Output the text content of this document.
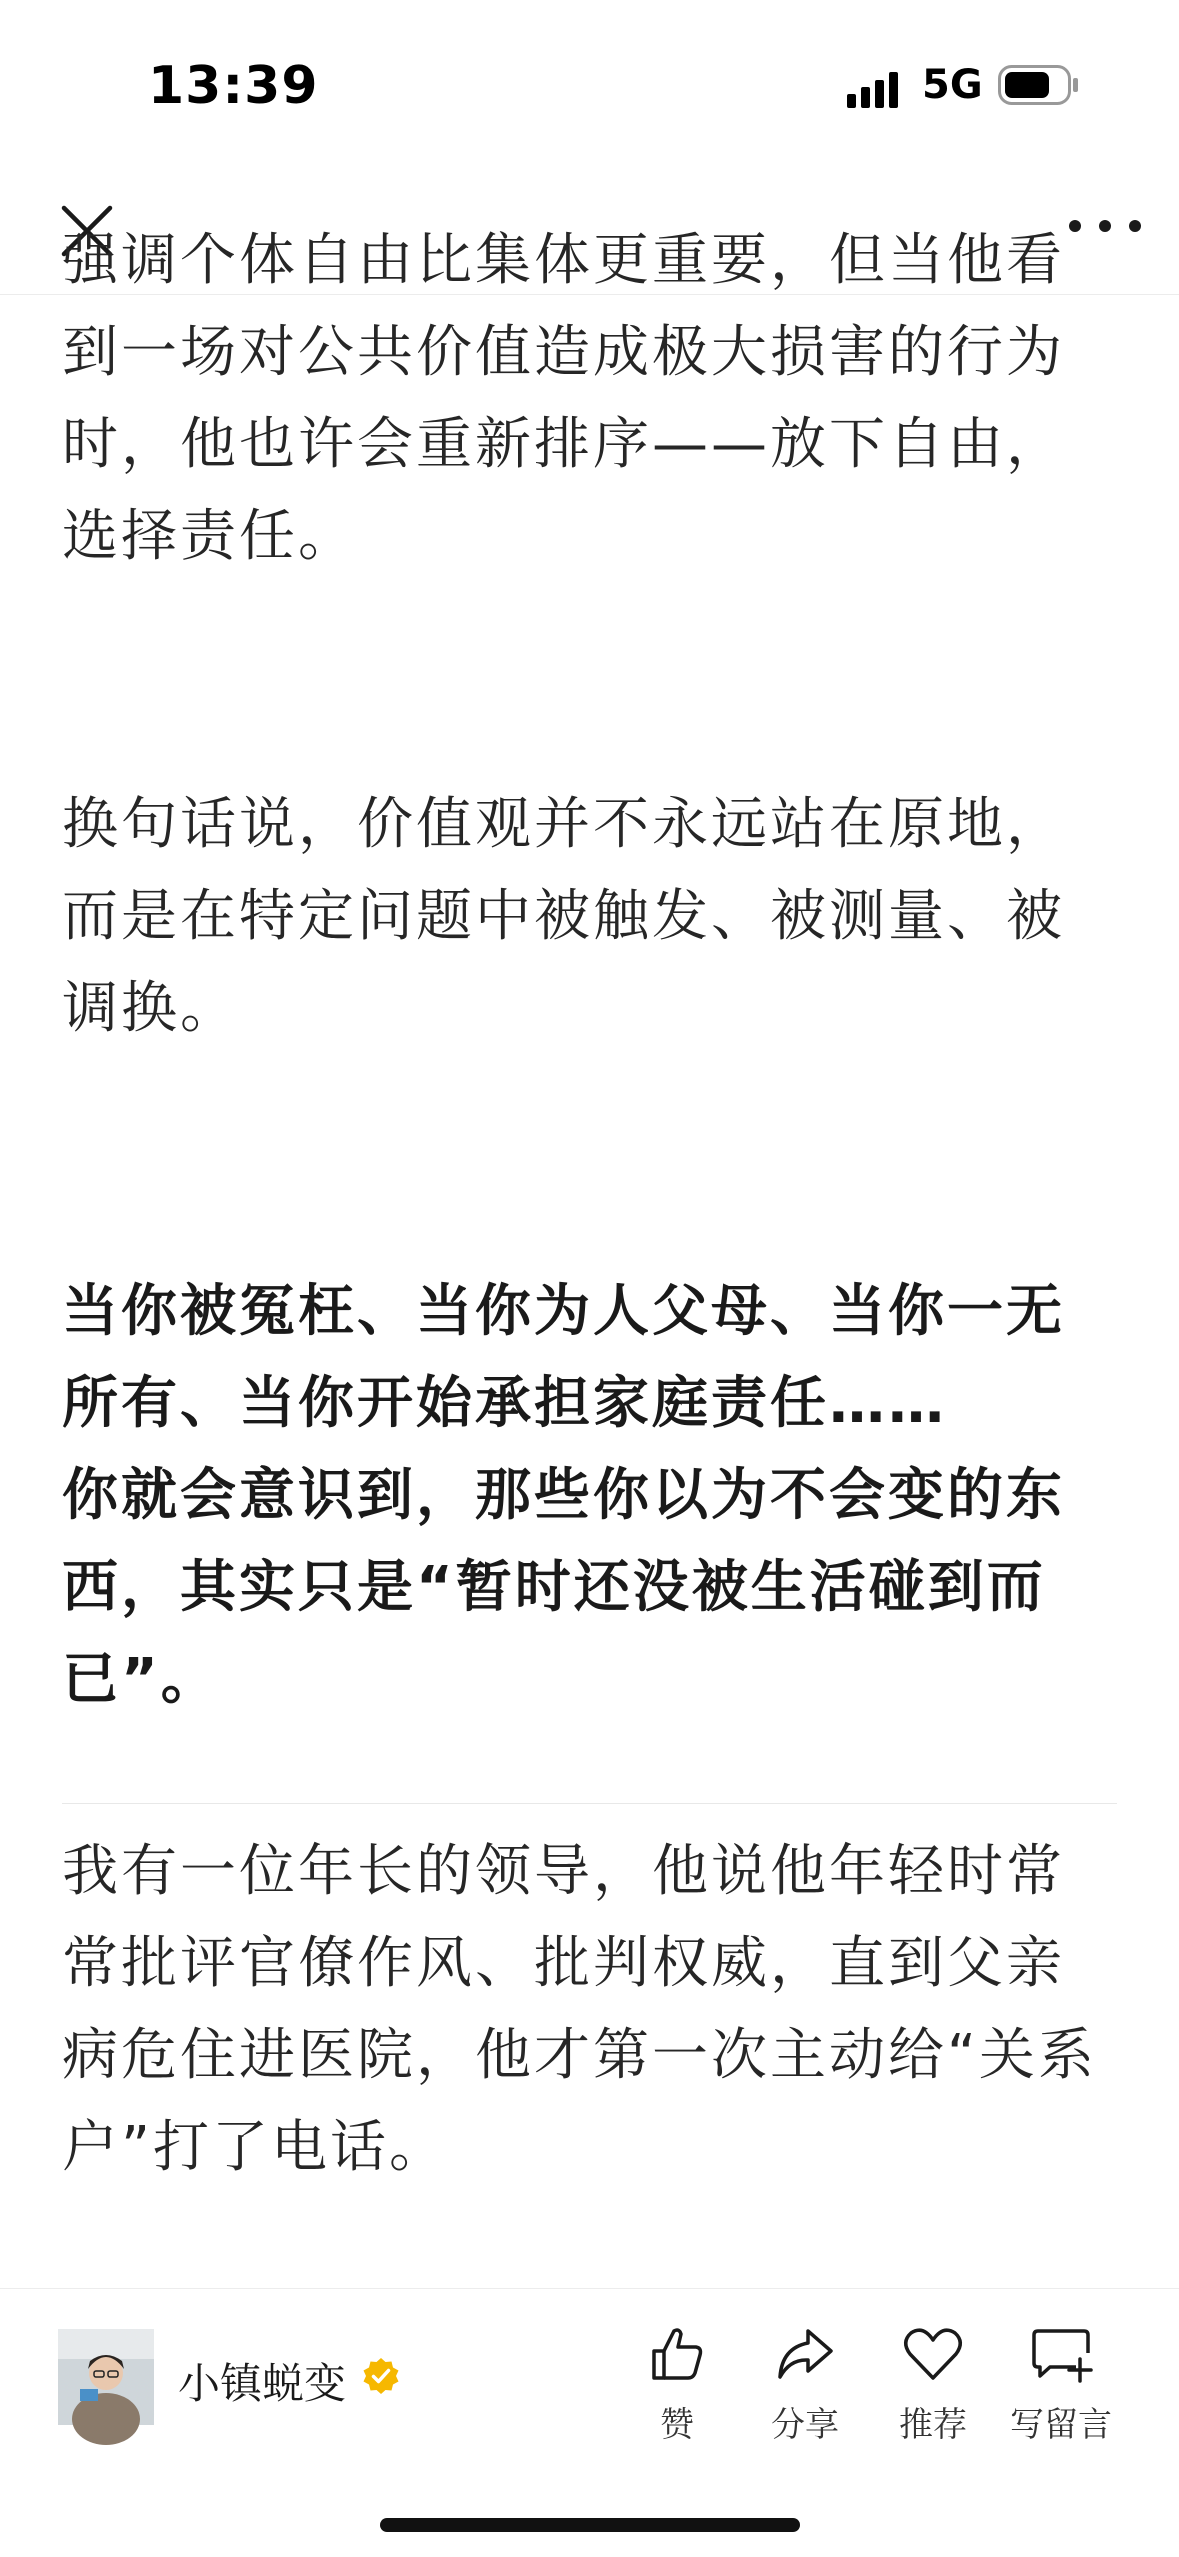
13:39	5G

强调个体自由比集体更重要，但当他看到一场对公共价值造成极大损害的行为时，他也许会重新排序——放下自由，选择责任。

换句话说，价值观并不永远站在原地，而是在特定问题中被触发、被测量、被调换。

当你被冤枉、当你为人父母、当你一无所有、当你开始承担家庭责任……

你就会意识到，那些你以为不会变的东西，其实只是“暂时还没被生活碰到而已”。

我有一位年长的领导，他说他年轻时常常批评官僚作风、批判权威，直到父亲病危住进医院，他才第一次主动给“关系户”打了电话。

小镇蜕变
赞	分享	推荐	写留言
